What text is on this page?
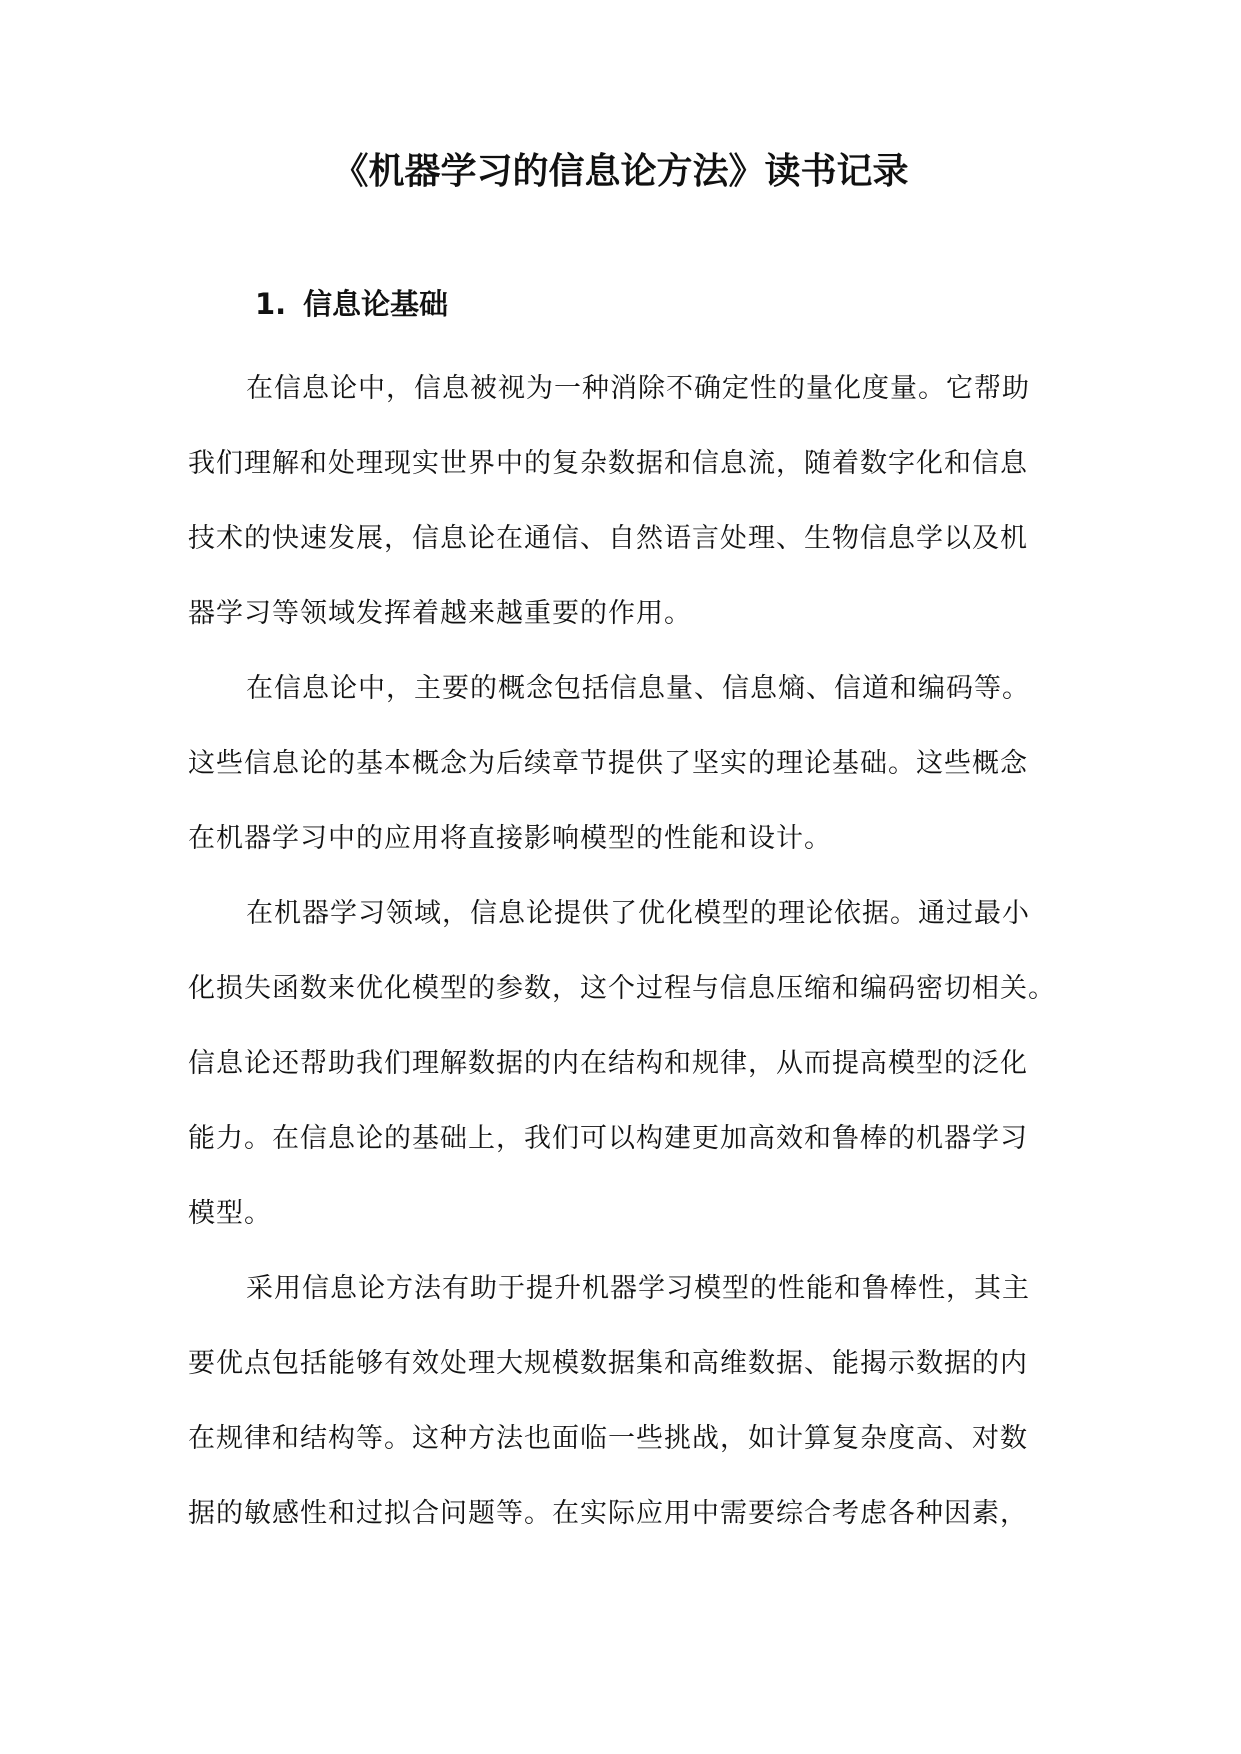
《机器学习的信息论方法》读书记录
1. 信息论基础
在信息论中，信息被视为一种消除不确定性的量化度量。它帮助
我们理解和处理现实世界中的复杂数据和信息流，随着数字化和信息
技术的快速发展，信息论在通信、自然语言处理、生物信息学以及机
器学习等领域发挥着越来越重要的作用。
在信息论中，主要的概念包括信息量、信息熵、信道和编码等。
这些信息论的基本概念为后续章节提供了坚实的理论基础。这些概念
在机器学习中的应用将直接影响模型的性能和设计。
在机器学习领域，信息论提供了优化模型的理论依据。通过最小
化损失函数来优化模型的参数，这个过程与信息压缩和编码密切相关。
信息论还帮助我们理解数据的内在结构和规律，从而提高模型的泛化
能力。在信息论的基础上，我们可以构建更加高效和鲁棒的机器学习
模型。
采用信息论方法有助于提升机器学习模型的性能和鲁棒性，其主
要优点包括能够有效处理大规模数据集和高维数据、能揭示数据的内
在规律和结构等。这种方法也面临一些挑战，如计算复杂度高、对数
据的敏感性和过拟合问题等。在实际应用中需要综合考虑各种因素，
